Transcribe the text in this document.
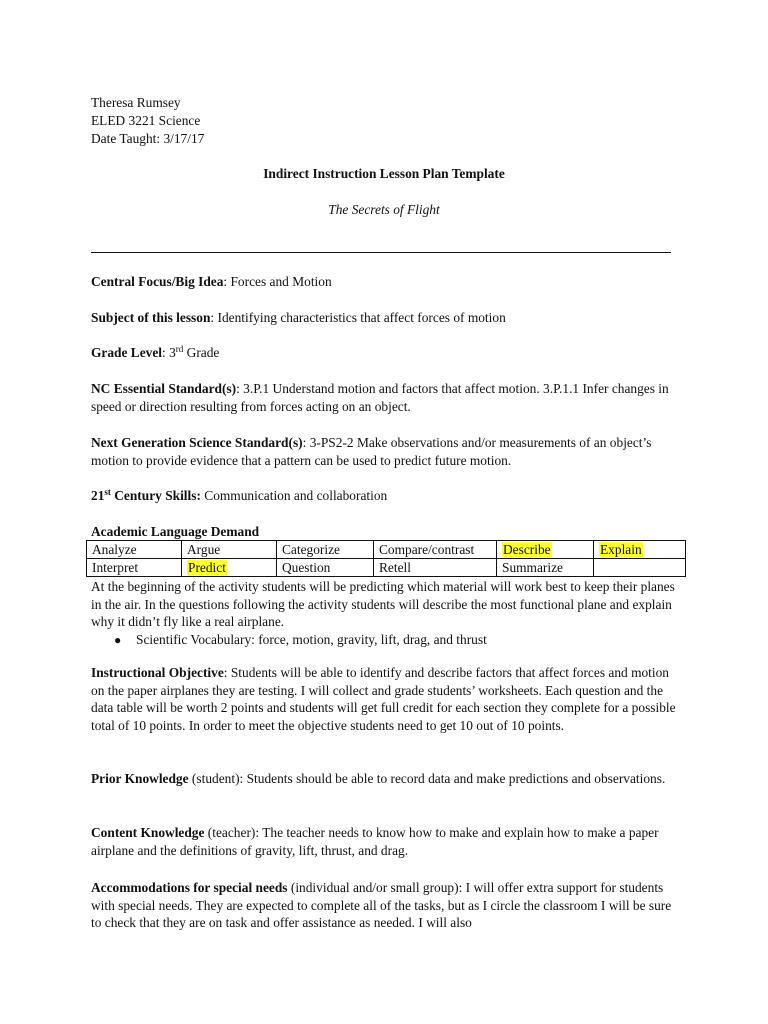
Theresa Rumsey
ELED 3221 Science
Date Taught: 3/17/17
Indirect Instruction Lesson Plan Template
The Secrets of Flight
Central Focus/Big Idea: Forces and Motion
Subject of this lesson: Identifying characteristics that affect forces of motion
Grade Level: 3rd Grade
NC Essential Standard(s): 3.P.1 Understand motion and factors that affect motion. 3.P.1.1 Infer changes in speed or direction resulting from forces acting on an object.
Next Generation Science Standard(s): 3-PS2-2 Make observations and/or measurements of an object’s motion to provide evidence that a pattern can be used to predict future motion.
21st Century Skills: Communication and collaboration
Academic Language Demand
Analyze	Argue	Categorize	Compare/contrast	Describe	Explain
Interpret	Predict	Question	Retell	Summarize	
At the beginning of the activity students will be predicting which material will work best to keep their planes in the air. In the questions following the activity students will describe the most functional plane and explain why it didn’t fly like a real airplane.
● Scientific Vocabulary: force, motion, gravity, lift, drag, and thrust
Instructional Objective: Students will be able to identify and describe factors that affect forces and motion on the paper airplanes they are testing. I will collect and grade students’ worksheets. Each question and the data table will be worth 2 points and students will get full credit for each section they complete for a possible total of 10 points. In order to meet the objective students need to get 10 out of 10 points.
Prior Knowledge (student): Students should be able to record data and make predictions and observations.
Content Knowledge (teacher): The teacher needs to know how to make and explain how to make a paper airplane and the definitions of gravity, lift, thrust, and drag.
Accommodations for special needs (individual and/or small group): I will offer extra support for students with special needs. They are expected to complete all of the tasks, but as I circle the classroom I will be sure to check that they are on task and offer assistance as needed. I will also
